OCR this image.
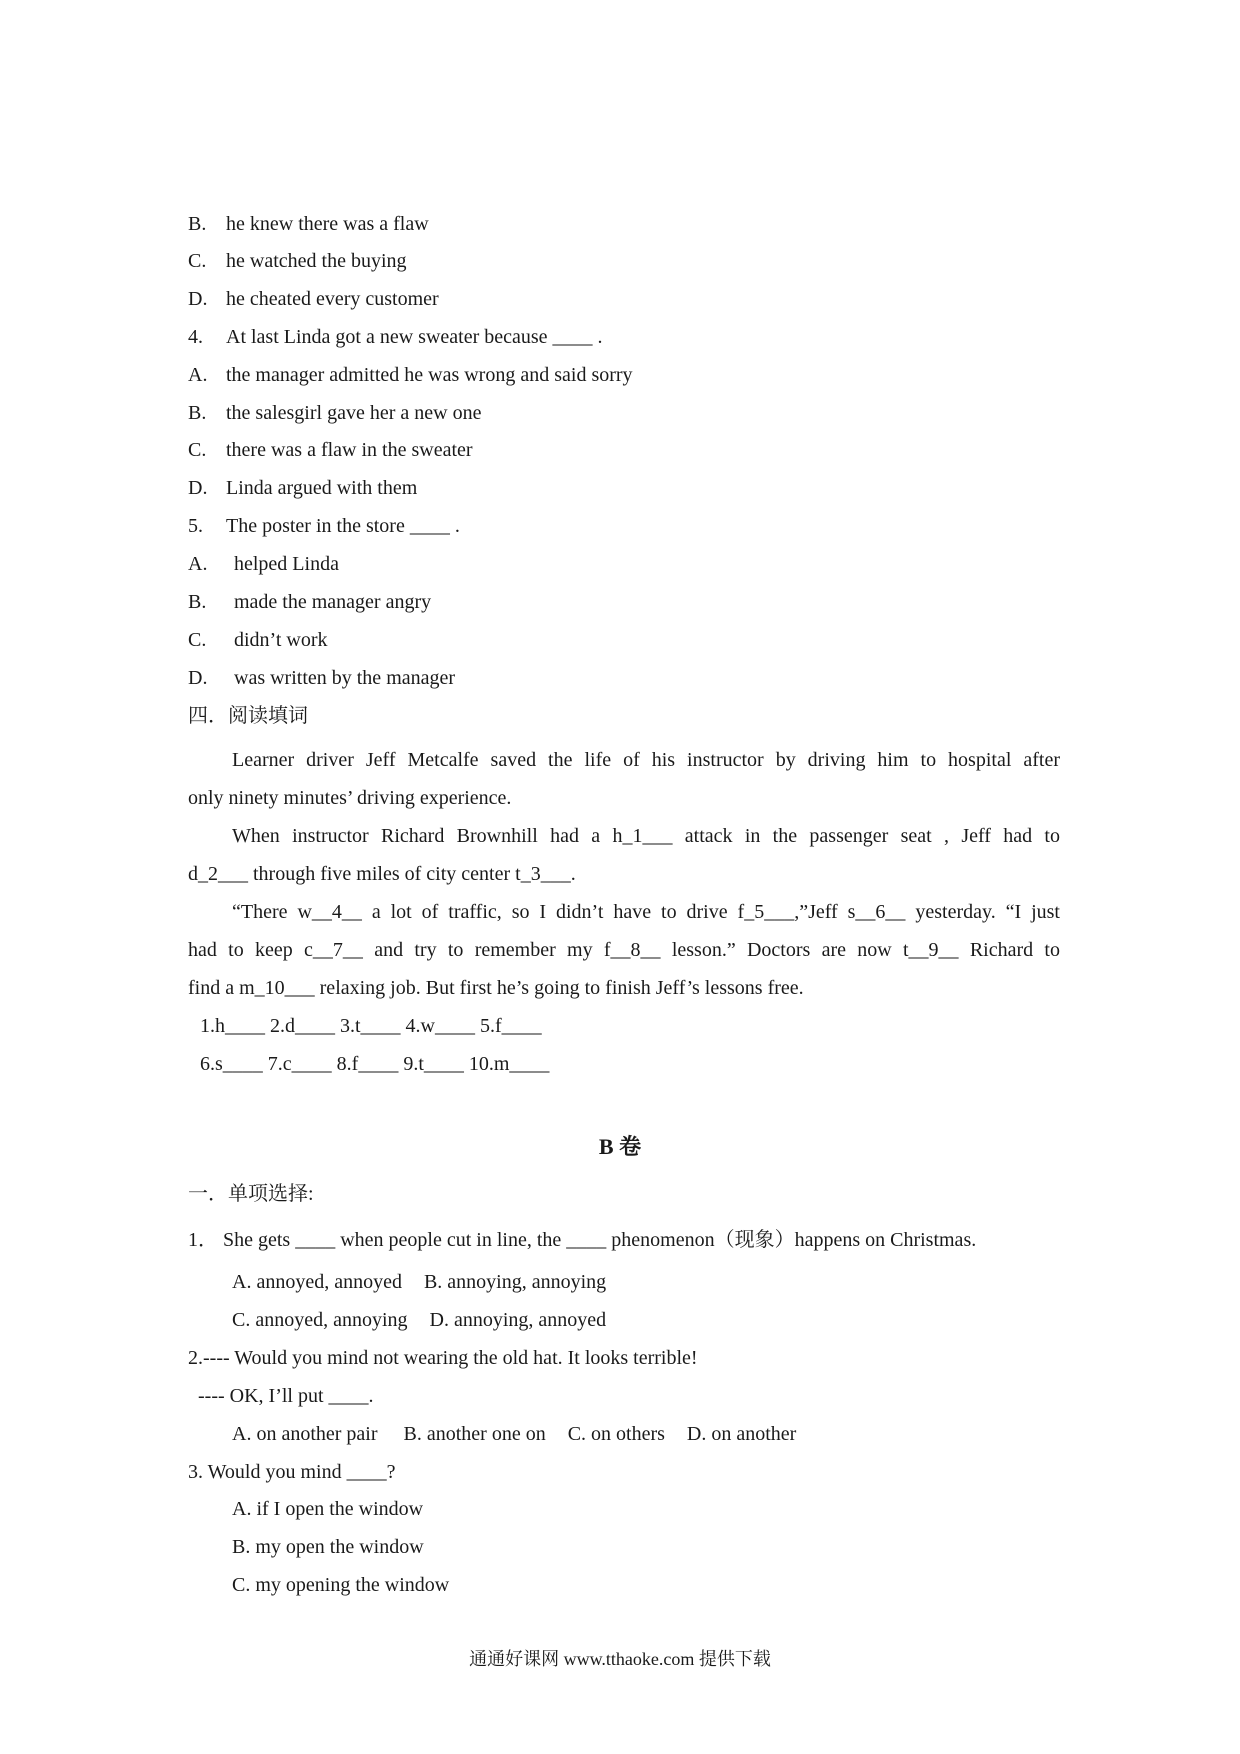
B. he knew there was a flaw
C. he watched the buying
D. he cheated every customer
4. At last Linda got a new sweater because ____ .
A. the manager admitted he was wrong and said sorry
B. the salesgirl gave her a new one
C. there was a flaw in the sweater
D. Linda argued with them
5. The poster in the store ____ .
A. helped Linda
B. made the manager angry
C. didn’t work
D. was written by the manager
四．阅读填词
Learner driver Jeff Metcalfe saved the life of his instructor by driving him to hospital after
only ninety minutes’ driving experience.
When instructor Richard Brownhill had a h_1___ attack in the passenger seat , Jeff had to
d_2___ through five miles of city center t_3___.
“There w__4__ a lot of traffic, so I didn’t have to drive f_5___,”Jeff s__6__ yesterday. “I just
had to keep c__7__ and try to remember my f__8__ lesson.” Doctors are now t__9__ Richard to
find a m_10___ relaxing job. But first he’s going to finish Jeff’s lessons free.
1.h____ 2.d____ 3.t____ 4.w____ 5.f____
6.s____ 7.c____ 8.f____ 9.t____ 10.m____
B 卷
一．单项选择:
1． She gets ____ when people cut in line, the ____ phenomenon（现象）happens on Christmas.
A. annoyed, annoyed B. annoying, annoying
C. annoyed, annoying D. annoying, annoyed
2.---- Would you mind not wearing the old hat. It looks terrible!
---- OK, I’ll put ____.
A. on another pair B. another one on C. on others D. on another
3. Would you mind ____?
A. if I open the window
B. my open the window
C. my opening the window
通通好课网 www.tthaoke.com 提供下载
